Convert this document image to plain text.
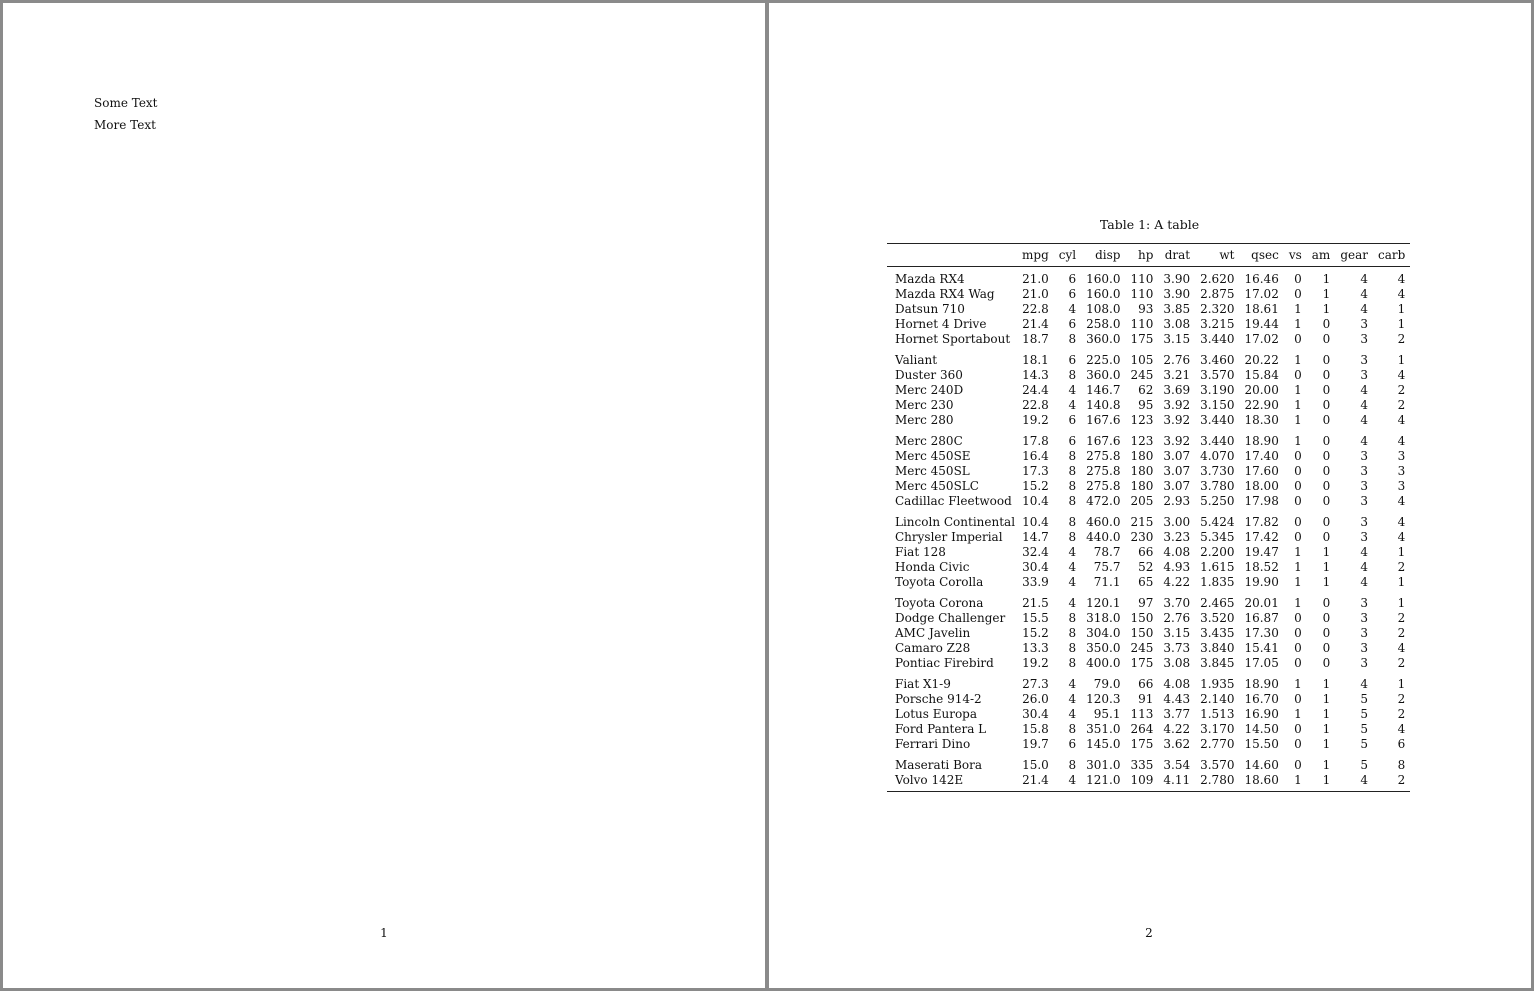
Some Text
More Text
1
Table 1: A table
	mpg	cyl	disp	hp	drat	wt	qsec	vs	am	gear	carb
Mazda RX4	21.0	6	160.0	110	3.90	2.620	16.46	0	1	4	4
Mazda RX4 Wag	21.0	6	160.0	110	3.90	2.875	17.02	0	1	4	4
Datsun 710	22.8	4	108.0	93	3.85	2.320	18.61	1	1	4	1
Hornet 4 Drive	21.4	6	258.0	110	3.08	3.215	19.44	1	0	3	1
Hornet Sportabout	18.7	8	360.0	175	3.15	3.440	17.02	0	0	3	2
Valiant	18.1	6	225.0	105	2.76	3.460	20.22	1	0	3	1
Duster 360	14.3	8	360.0	245	3.21	3.570	15.84	0	0	3	4
Merc 240D	24.4	4	146.7	62	3.69	3.190	20.00	1	0	4	2
Merc 230	22.8	4	140.8	95	3.92	3.150	22.90	1	0	4	2
Merc 280	19.2	6	167.6	123	3.92	3.440	18.30	1	0	4	4
Merc 280C	17.8	6	167.6	123	3.92	3.440	18.90	1	0	4	4
Merc 450SE	16.4	8	275.8	180	3.07	4.070	17.40	0	0	3	3
Merc 450SL	17.3	8	275.8	180	3.07	3.730	17.60	0	0	3	3
Merc 450SLC	15.2	8	275.8	180	3.07	3.780	18.00	0	0	3	3
Cadillac Fleetwood	10.4	8	472.0	205	2.93	5.250	17.98	0	0	3	4
Lincoln Continental	10.4	8	460.0	215	3.00	5.424	17.82	0	0	3	4
Chrysler Imperial	14.7	8	440.0	230	3.23	5.345	17.42	0	0	3	4
Fiat 128	32.4	4	78.7	66	4.08	2.200	19.47	1	1	4	1
Honda Civic	30.4	4	75.7	52	4.93	1.615	18.52	1	1	4	2
Toyota Corolla	33.9	4	71.1	65	4.22	1.835	19.90	1	1	4	1
Toyota Corona	21.5	4	120.1	97	3.70	2.465	20.01	1	0	3	1
Dodge Challenger	15.5	8	318.0	150	2.76	3.520	16.87	0	0	3	2
AMC Javelin	15.2	8	304.0	150	3.15	3.435	17.30	0	0	3	2
Camaro Z28	13.3	8	350.0	245	3.73	3.840	15.41	0	0	3	4
Pontiac Firebird	19.2	8	400.0	175	3.08	3.845	17.05	0	0	3	2
Fiat X1-9	27.3	4	79.0	66	4.08	1.935	18.90	1	1	4	1
Porsche 914-2	26.0	4	120.3	91	4.43	2.140	16.70	0	1	5	2
Lotus Europa	30.4	4	95.1	113	3.77	1.513	16.90	1	1	5	2
Ford Pantera L	15.8	8	351.0	264	4.22	3.170	14.50	0	1	5	4
Ferrari Dino	19.7	6	145.0	175	3.62	2.770	15.50	0	1	5	6
Maserati Bora	15.0	8	301.0	335	3.54	3.570	14.60	0	1	5	8
Volvo 142E	21.4	4	121.0	109	4.11	2.780	18.60	1	1	4	2
2
